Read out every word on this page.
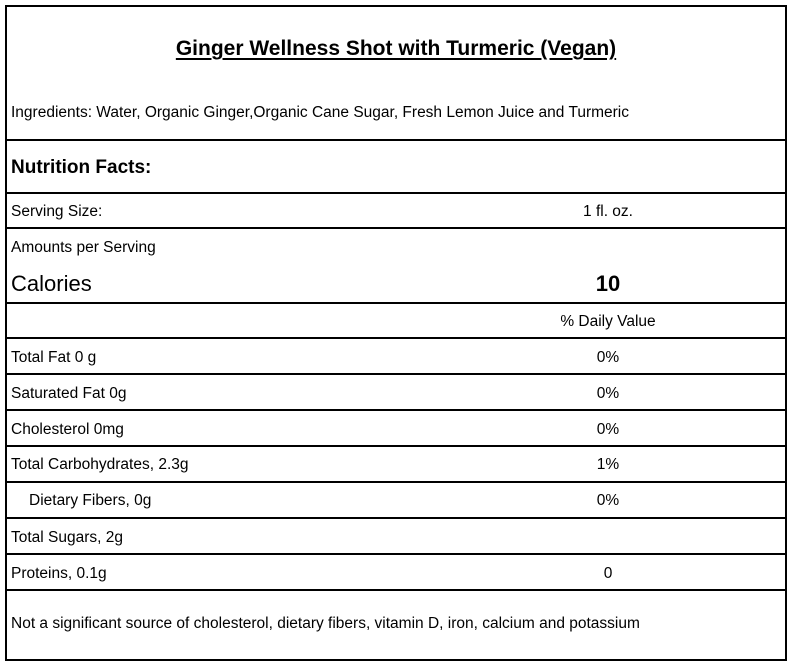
Ginger Wellness Shot with Turmeric (Vegan)
Ingredients: Water, Organic Ginger,Organic Cane Sugar, Fresh Lemon Juice and Turmeric
Nutrition Facts:
Serving Size:	1 fl. oz.
Amounts per Serving
Calories	10
% Daily Value
Total Fat 0 g	0%
Saturated Fat 0g	0%
Cholesterol 0mg	0%
Total Carbohydrates, 2.3g	1%
Dietary Fibers, 0g	0%
Total Sugars, 2g
Proteins, 0.1g	0
Not a significant source of cholesterol, dietary fibers, vitamin D, iron, calcium and potassium
